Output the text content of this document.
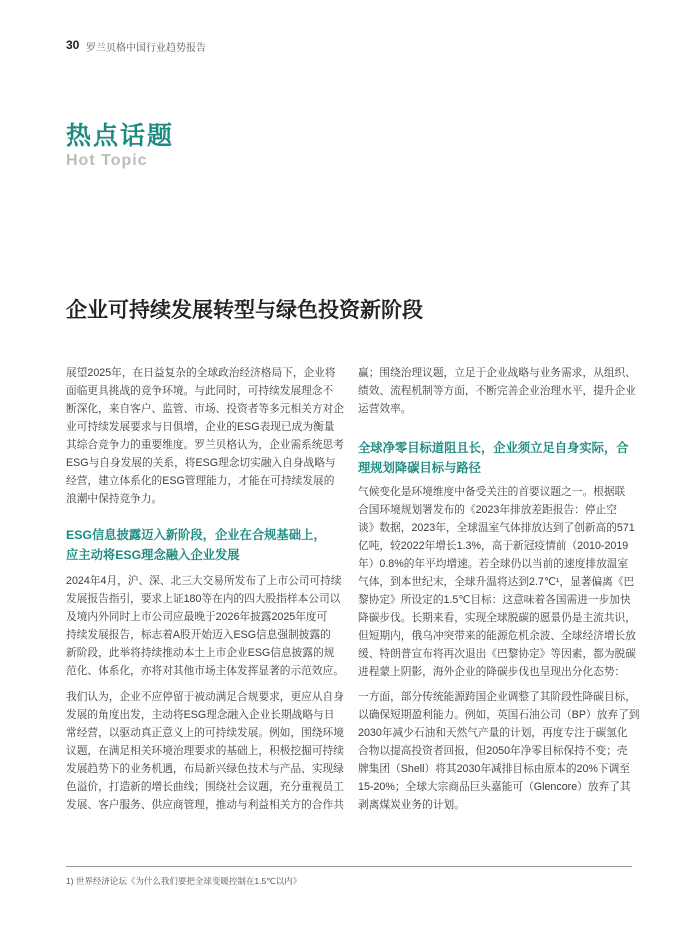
30 罗兰贝格中国行业趋势报告
热点话题
Hot Topic
企业可持续发展转型与绿色投资新阶段
展望2025年，在日益复杂的全球政治经济格局下，企业将
面临更具挑战的竞争环境。与此同时，可持续发展理念不
断深化，来自客户、监管、市场、投资者等多元相关方对企
业可持续发展要求与日俱增，企业的ESG表现已成为衡量
其综合竞争力的重要维度。罗兰贝格认为，企业需系统思考
ESG与自身发展的关系，将ESG理念切实融入自身战略与
经营，建立体系化的ESG管理能力，才能在可持续发展的
浪潮中保持竞争力。
ESG信息披露迈入新阶段，企业在合规基础上，
应主动将ESG理念融入企业发展
2024年4月，沪、深、北三大交易所发布了上市公司可持续
发展报告指引，要求上证180等在内的四大股指样本公司以
及境内外同时上市公司应最晚于2026年披露2025年度可
持续发展报告，标志着A股开始迈入ESG信息强制披露的
新阶段，此举将持续推动本土上市企业ESG信息披露的规
范化、体系化，亦将对其他市场主体发挥显著的示范效应。
我们认为，企业不应停留于被动满足合规要求，更应从自身
发展的角度出发，主动将ESG理念融入企业长期战略与日
常经营，以驱动真正意义上的可持续发展。例如，围绕环境
议题，在满足相关环境治理要求的基础上，积极挖掘可持续
发展趋势下的业务机遇，布局新兴绿色技术与产品、实现绿
色溢价，打造新的增长曲线；围绕社会议题，充分重视员工
发展、客户服务、供应商管理，推动与利益相关方的合作共
赢；围绕治理议题，立足于企业战略与业务需求，从组织、
绩效、流程机制等方面，不断完善企业治理水平，提升企业
运营效率。
全球净零目标道阻且长，企业须立足自身实际，合
理规划降碳目标与路径
气候变化是环境维度中备受关注的首要议题之一。根据联
合国环境规划署发布的《2023年排放差距报告：停止空
谈》数据，2023年，全球温室气体排放达到了创新高的571
亿吨，较2022年增长1.3%，高于新冠疫情前（2010-2019
年）0.8%的年平均增速。若全球仍以当前的速度排放温室
气体，到本世纪末，全球升温将达到2.7℃¹，显著偏离《巴
黎协定》所设定的1.5℃目标：这意味着各国需进一步加快
降碳步伐。长期来看，实现全球脱碳的愿景仍是主流共识，
但短期内，俄乌冲突带来的能源危机余波、全球经济增长放
缓、特朗普宣布将再次退出《巴黎协定》等因素，都为脱碳
进程蒙上阴影，海外企业的降碳步伐也呈现出分化态势：
一方面，部分传统能源跨国企业调整了其阶段性降碳目标，
以确保短期盈利能力。例如，英国石油公司（BP）放弃了到
2030年减少石油和天然气产量的计划，再度专注于碳氢化
合物以提高投资者回报，但2050年净零目标保持不变；壳
牌集团（Shell）将其2030年减排目标由原本的20%下调至
15-20%；全球大宗商品巨头嘉能可（Glencore）放弃了其
剥离煤炭业务的计划。
1) 世界经济论坛《为什么我们要把全球变暖控制在1.5℃以内》
